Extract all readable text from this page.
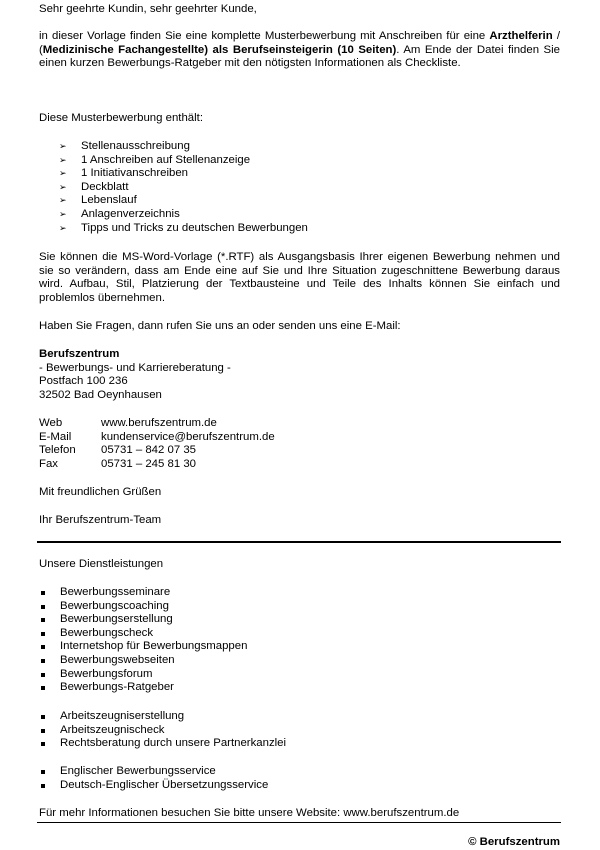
Sehr geehrte Kundin, sehr geehrter Kunde,
in dieser Vorlage finden Sie eine komplette Musterbewerbung mit Anschreiben für eine Arzthelferin / (Medizinische Fachangestellte) als Berufseinsteigerin (10 Seiten). Am Ende der Datei finden Sie einen kurzen Bewerbungs-Ratgeber mit den nötigsten Informationen als Checkliste.
Diese Musterbewerbung enthält:
➢ Stellenausschreibung
➢ 1 Anschreiben auf Stellenanzeige
➢ 1 Initiativanschreiben
➢ Deckblatt
➢ Lebenslauf
➢ Anlagenverzeichnis
➢ Tipps und Tricks zu deutschen Bewerbungen
Sie können die MS-Word-Vorlage (*.RTF) als Ausgangsbasis Ihrer eigenen Bewerbung nehmen und sie so verändern, dass am Ende eine auf Sie und Ihre Situation zugeschnittene Bewerbung daraus wird. Aufbau, Stil, Platzierung der Textbausteine und Teile des Inhalts können Sie einfach und problemlos übernehmen.
Haben Sie Fragen, dann rufen Sie uns an oder senden uns eine E-Mail:
Berufszentrum
- Bewerbungs- und Karriereberatung -
Postfach 100 236
32502 Bad Oeynhausen
Web	www.berufszentrum.de
E-Mail	kundenservice@berufszentrum.de
Telefon 05731 – 842 07 35
Fax	05731 – 245 81 30
Mit freundlichen Grüßen
Ihr Berufszentrum-Team
Unsere Dienstleistungen
Bewerbungsseminare
Bewerbungscoaching
Bewerbungserstellung
Bewerbungscheck
Internetshop für Bewerbungsmappen
Bewerbungswebseiten
Bewerbungsforum
Bewerbungs-Ratgeber
Arbeitszeugniserstellung
Arbeitszeugnischeck
Rechtsberatung durch unsere Partnerkanzlei
Englischer Bewerbungsservice
Deutsch-Englischer Übersetzungsservice
Für mehr Informationen besuchen Sie bitte unsere Website: www.berufszentrum.de
© Berufszentrum
